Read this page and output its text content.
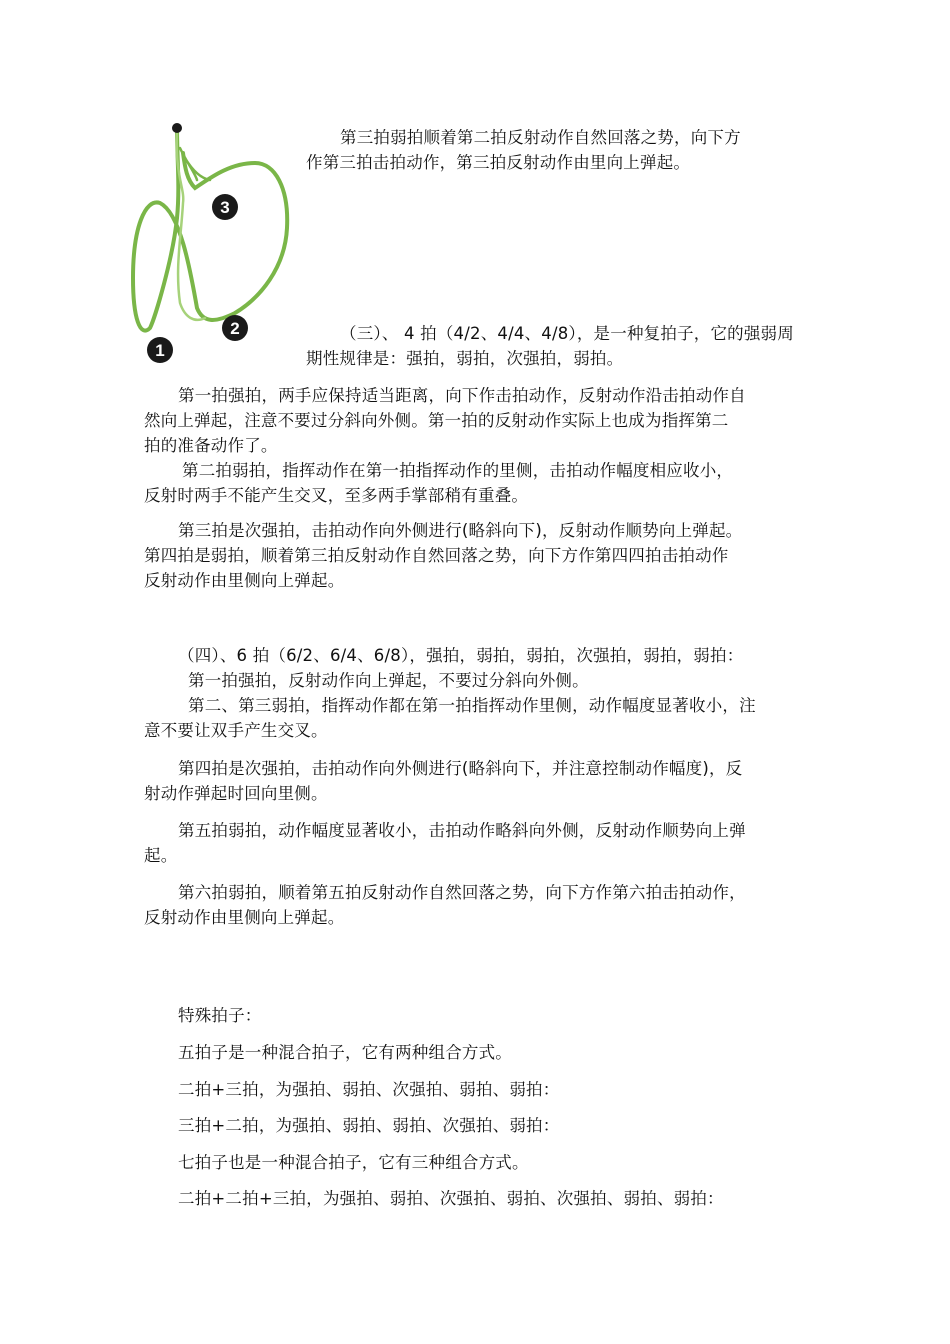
3
2
1
第三拍弱拍顺着第二拍反射动作自然回落之势，向下方
作第三拍击拍动作，第三拍反射动作由里向上弹起。
（三）、 4 拍（4/2、4/4、4/8），是一种复拍子，它的强弱周
期性规律是：强拍，弱拍，次强拍，弱拍。
第一拍强拍，两手应保持适当距离，向下作击拍动作，反射动作沿击拍动作自
然向上弹起，注意不要过分斜向外侧。第一拍的反射动作实际上也成为指挥第二
拍的准备动作了。
第二拍弱拍，指挥动作在第一拍指挥动作的里侧，击拍动作幅度相应收小，
反射时两手不能产生交叉，至多两手掌部稍有重叠。
第三拍是次强拍，击拍动作向外侧进行(略斜向下)，反射动作顺势向上弹起。
第四拍是弱拍，顺着第三拍反射动作自然回落之势，向下方作第四四拍击拍动作
反射动作由里侧向上弹起。
（四）、6 拍（6/2、6/4、6/8），强拍，弱拍，弱拍，次强拍，弱拍，弱拍：
第一拍强拍，反射动作向上弹起，不要过分斜向外侧。
第二、第三弱拍，指挥动作都在第一拍指挥动作里侧，动作幅度显著收小，注
意不要让双手产生交叉。
第四拍是次强拍，击拍动作向外侧进行(略斜向下，并注意控制动作幅度)，反
射动作弹起时回向里侧。
第五拍弱拍，动作幅度显著收小，击拍动作略斜向外侧，反射动作顺势向上弹
起。
第六拍弱拍，顺着第五拍反射动作自然回落之势，向下方作第六拍击拍动作，
反射动作由里侧向上弹起。
特殊拍子：
五拍子是一种混合拍子，它有两种组合方式。
二拍+三拍，为强拍、弱拍、次强拍、弱拍、弱拍：
三拍+二拍，为强拍、弱拍、弱拍、次强拍、弱拍：
七拍子也是一种混合拍子，它有三种组合方式。
二拍+二拍+三拍，为强拍、弱拍、次强拍、弱拍、次强拍、弱拍、弱拍：
